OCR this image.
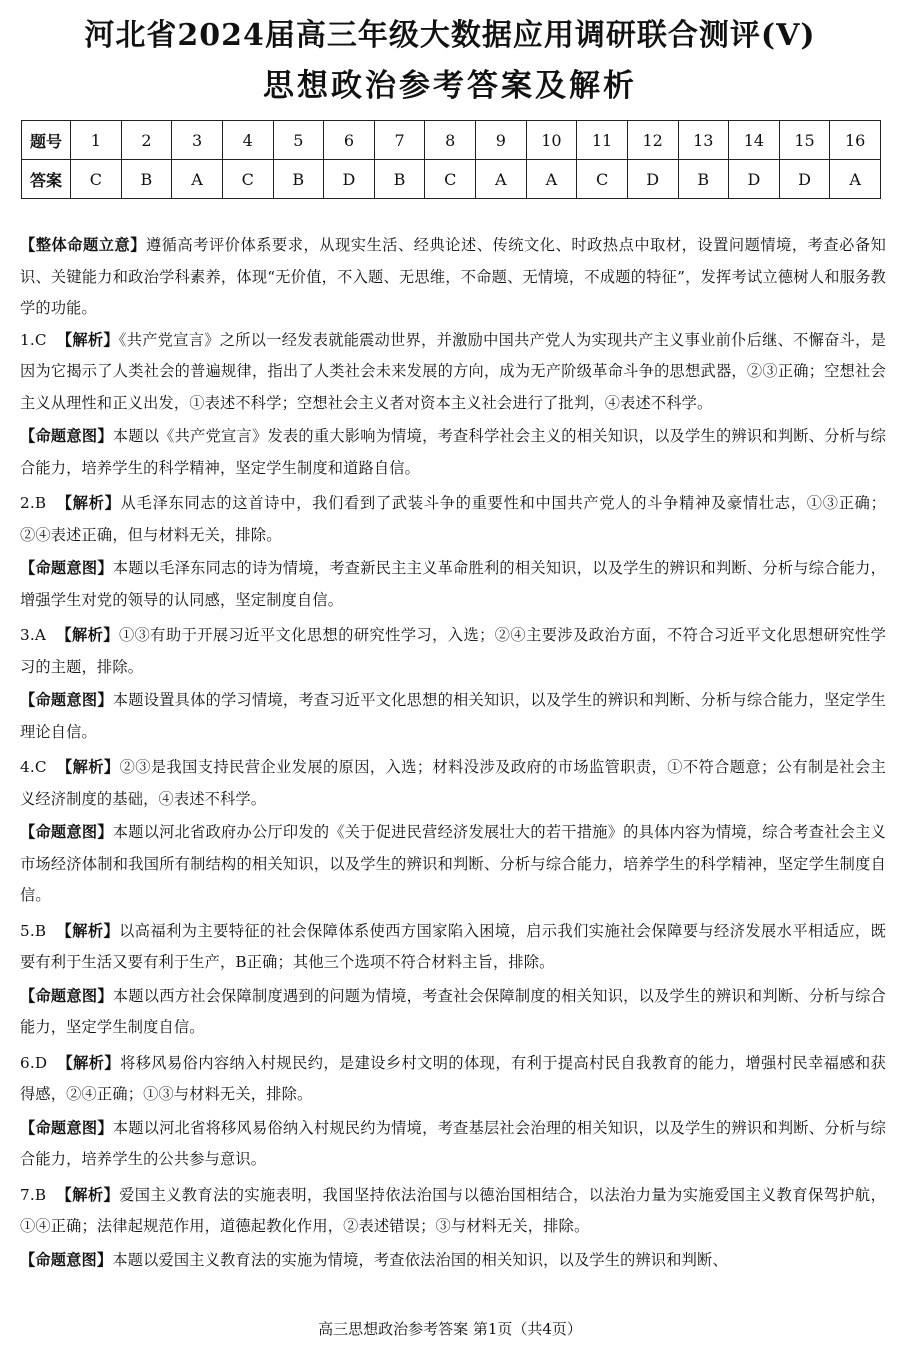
河北省2024届高三年级大数据应用调研联合测评(Ⅴ)
思想政治参考答案及解析
题号	1	2	3	4	5	6	7	8	9	10	11	12	13	14	15	16
答案	C	B	A	C	B	D	B	C	A	A	C	D	B	D	D	A

【整体命题立意】遵循高考评价体系要求，从现实生活、经典论述、传统文化、时政热点中取材，设置问题情境，考查必备知识、关键能力和政治学科素养，体现“无价值，不入题、无思维，不命题、无情境，不成题的特征”，发挥考试立德树人和服务教学的功能。

1.C 【解析】《共产党宣言》之所以一经发表就能震动世界，并激励中国共产党人为实现共产主义事业前仆后继、不懈奋斗，是因为它揭示了人类社会的普遍规律，指出了人类社会未来发展的方向，成为无产阶级革命斗争的思想武器，②③正确；空想社会主义从理性和正义出发，①表述不科学；空想社会主义者对资本主义社会进行了批判，④表述不科学。

【命题意图】本题以《共产党宣言》发表的重大影响为情境，考查科学社会主义的相关知识，以及学生的辨识和判断、分析与综合能力，培养学生的科学精神，坚定学生制度和道路自信。

2.B 【解析】从毛泽东同志的这首诗中，我们看到了武装斗争的重要性和中国共产党人的斗争精神及豪情壮志，①③正确；②④表述正确，但与材料无关，排除。

【命题意图】本题以毛泽东同志的诗为情境，考查新民主主义革命胜利的相关知识，以及学生的辨识和判断、分析与综合能力，增强学生对党的领导的认同感，坚定制度自信。

3.A 【解析】①③有助于开展习近平文化思想的研究性学习，入选；②④主要涉及政治方面，不符合习近平文化思想研究性学习的主题，排除。

【命题意图】本题设置具体的学习情境，考查习近平文化思想的相关知识，以及学生的辨识和判断、分析与综合能力，坚定学生理论自信。

4.C 【解析】②③是我国支持民营企业发展的原因，入选；材料没涉及政府的市场监管职责，①不符合题意；公有制是社会主义经济制度的基础，④表述不科学。

【命题意图】本题以河北省政府办公厅印发的《关于促进民营经济发展壮大的若干措施》的具体内容为情境，综合考查社会主义市场经济体制和我国所有制结构的相关知识，以及学生的辨识和判断、分析与综合能力，培养学生的科学精神，坚定学生制度自信。

5.B 【解析】以高福利为主要特征的社会保障体系使西方国家陷入困境，启示我们实施社会保障要与经济发展水平相适应，既要有利于生活又要有利于生产，B正确；其他三个选项不符合材料主旨，排除。

【命题意图】本题以西方社会保障制度遇到的问题为情境，考查社会保障制度的相关知识，以及学生的辨识和判断、分析与综合能力，坚定学生制度自信。

6.D 【解析】将移风易俗内容纳入村规民约，是建设乡村文明的体现，有利于提高村民自我教育的能力，增强村民幸福感和获得感，②④正确；①③与材料无关，排除。

【命题意图】本题以河北省将移风易俗纳入村规民约为情境，考查基层社会治理的相关知识，以及学生的辨识和判断、分析与综合能力，培养学生的公共参与意识。

7.B 【解析】爱国主义教育法的实施表明，我国坚持依法治国与以德治国相结合，以法治力量为实施爱国主义教育保驾护航，①④正确；法律起规范作用，道德起教化作用，②表述错误；③与材料无关，排除。

【命题意图】本题以爱国主义教育法的实施为情境，考查依法治国的相关知识，以及学生的辨识和判断、

高三思想政治参考答案 第1页（共4页）
